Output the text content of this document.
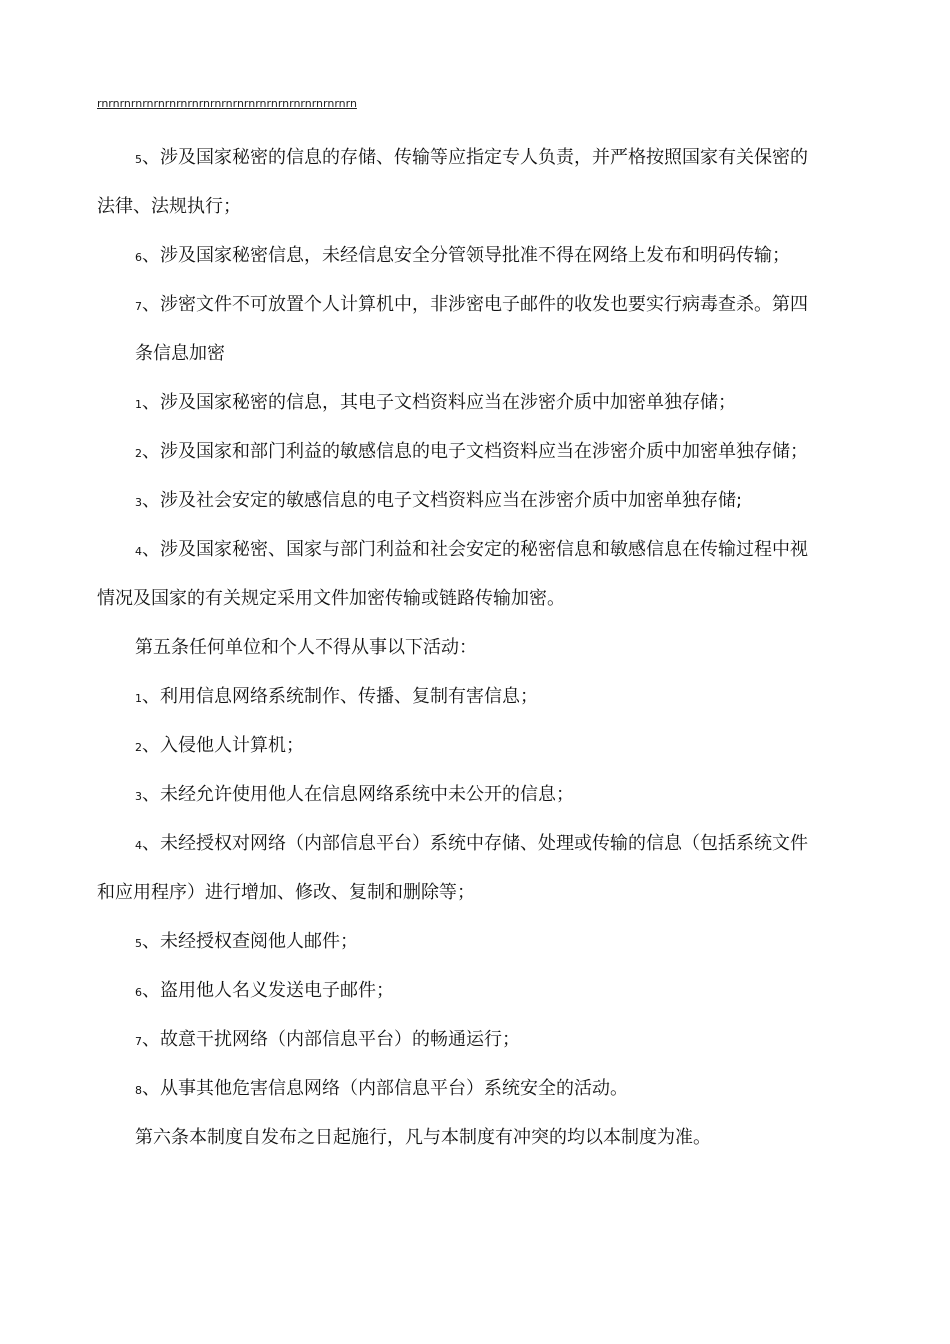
rnrnrnrnrnrnrnrnrnrnrnrnrnrnrnrnrnrnrnrnrnrnrn
5、涉及国家秘密的信息的存储、传输等应指定专人负责，并严格按照国家有关保密的
法律、法规执行；
6、涉及国家秘密信息，未经信息安全分管领导批准不得在网络上发布和明码传输；
7、涉密文件不可放置个人计算机中，非涉密电子邮件的收发也要实行病毒查杀。第四
条信息加密
1、涉及国家秘密的信息，其电子文档资料应当在涉密介质中加密单独存储；
2、涉及国家和部门利益的敏感信息的电子文档资料应当在涉密介质中加密单独存储；
3、涉及社会安定的敏感信息的电子文档资料应当在涉密介质中加密单独存储;
4、涉及国家秘密、国家与部门利益和社会安定的秘密信息和敏感信息在传输过程中视
情况及国家的有关规定采用文件加密传输或链路传输加密。
第五条任何单位和个人不得从事以下活动：
1、利用信息网络系统制作、传播、复制有害信息；
2、入侵他人计算机；
3、未经允许使用他人在信息网络系统中未公开的信息；
4、未经授权对网络（内部信息平台）系统中存储、处理或传输的信息（包括系统文件
和应用程序）进行增加、修改、复制和删除等；
5、未经授权查阅他人邮件；
6、盗用他人名义发送电子邮件；
7、故意干扰网络（内部信息平台）的畅通运行；
8、从事其他危害信息网络（内部信息平台）系统安全的活动。
第六条本制度自发布之日起施行，凡与本制度有冲突的均以本制度为准。
